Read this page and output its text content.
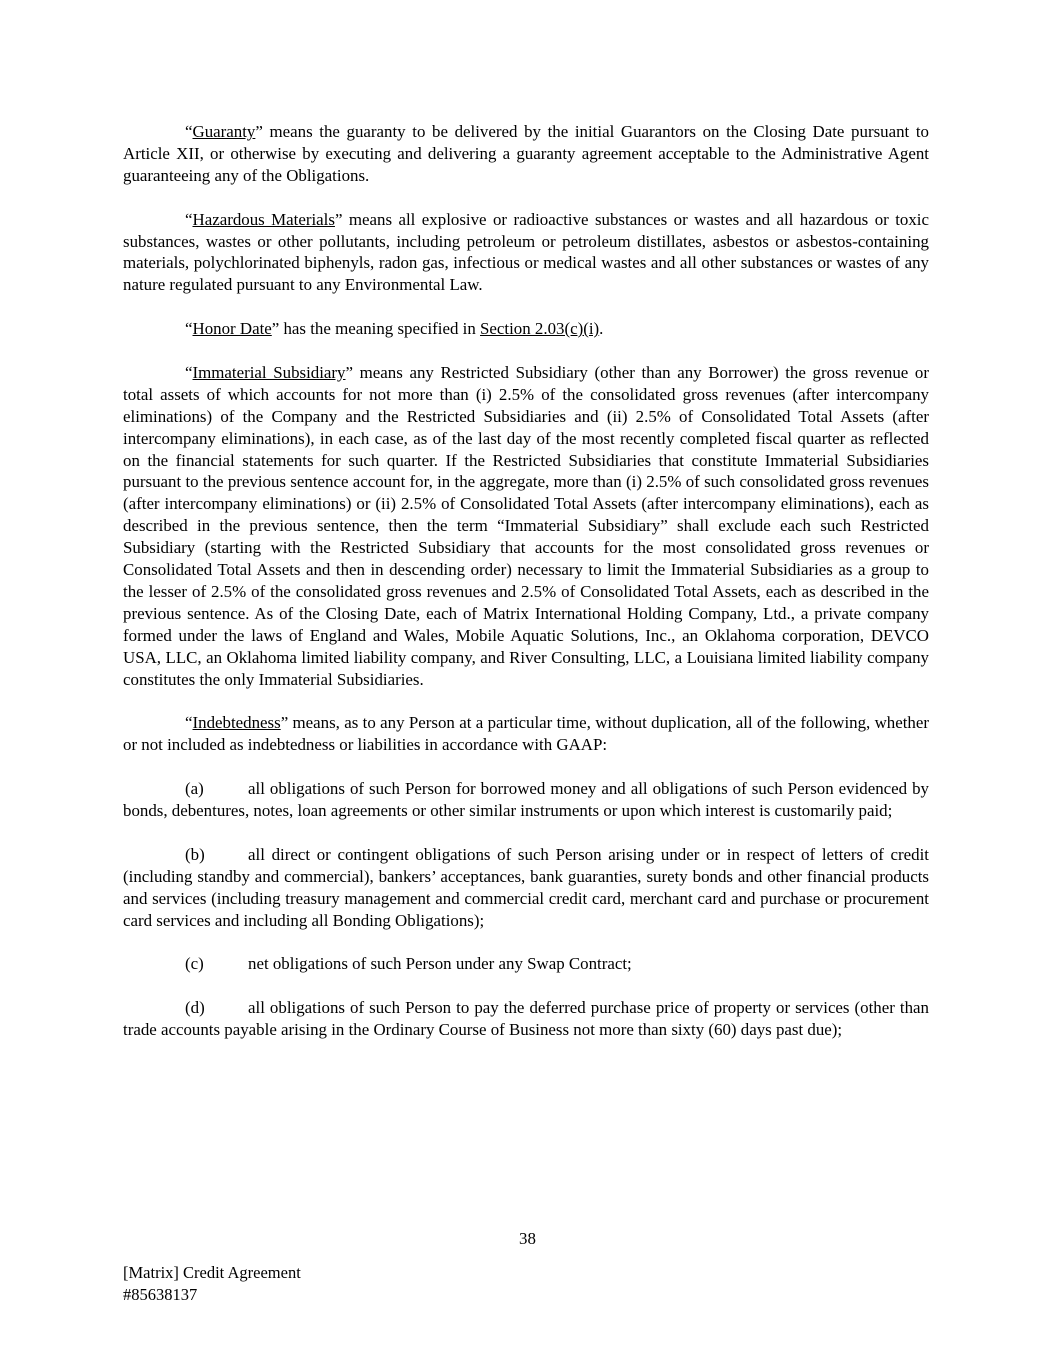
“Guaranty” means the guaranty to be delivered by the initial Guarantors on the Closing Date pursuant to Article XII, or otherwise by executing and delivering a guaranty agreement acceptable to the Administrative Agent guaranteeing any of the Obligations.

“Hazardous Materials” means all explosive or radioactive substances or wastes and all hazardous or toxic substances, wastes or other pollutants, including petroleum or petroleum distillates, asbestos or asbestos-containing materials, polychlorinated biphenyls, radon gas, infectious or medical wastes and all other substances or wastes of any nature regulated pursuant to any Environmental Law.

“Honor Date” has the meaning specified in Section 2.03(c)(i).

“Immaterial Subsidiary” means any Restricted Subsidiary (other than any Borrower) the gross revenue or total assets of which accounts for not more than (i) 2.5% of the consolidated gross revenues (after intercompany eliminations) of the Company and the Restricted Subsidiaries and (ii) 2.5% of Consolidated Total Assets (after intercompany eliminations), in each case, as of the last day of the most recently completed fiscal quarter as reflected on the financial statements for such quarter. If the Restricted Subsidiaries that constitute Immaterial Subsidiaries pursuant to the previous sentence account for, in the aggregate, more than (i) 2.5% of such consolidated gross revenues (after intercompany eliminations) or (ii) 2.5% of Consolidated Total Assets (after intercompany eliminations), each as described in the previous sentence, then the term “Immaterial Subsidiary” shall exclude each such Restricted Subsidiary (starting with the Restricted Subsidiary that accounts for the most consolidated gross revenues or Consolidated Total Assets and then in descending order) necessary to limit the Immaterial Subsidiaries as a group to the lesser of 2.5% of the consolidated gross revenues and 2.5% of Consolidated Total Assets, each as described in the previous sentence. As of the Closing Date, each of Matrix International Holding Company, Ltd., a private company formed under the laws of England and Wales, Mobile Aquatic Solutions, Inc., an Oklahoma corporation, DEVCO USA, LLC, an Oklahoma limited liability company, and River Consulting, LLC, a Louisiana limited liability company constitutes the only Immaterial Subsidiaries.

“Indebtedness” means, as to any Person at a particular time, without duplication, all of the following, whether or not included as indebtedness or liabilities in accordance with GAAP:

(a)	all obligations of such Person for borrowed money and all obligations of such Person evidenced by bonds, debentures, notes, loan agreements or other similar instruments or upon which interest is customarily paid;

(b)	all direct or contingent obligations of such Person arising under or in respect of letters of credit (including standby and commercial), bankers’ acceptances, bank guaranties, surety bonds and other financial products and services (including treasury management and commercial credit card, merchant card and purchase or procurement card services and including all Bonding Obligations);

(c)	net obligations of such Person under any Swap Contract;

(d)	all obligations of such Person to pay the deferred purchase price of property or services (other than trade accounts payable arising in the Ordinary Course of Business not more than sixty (60) days past due);

38
[Matrix] Credit Agreement
#85638137
